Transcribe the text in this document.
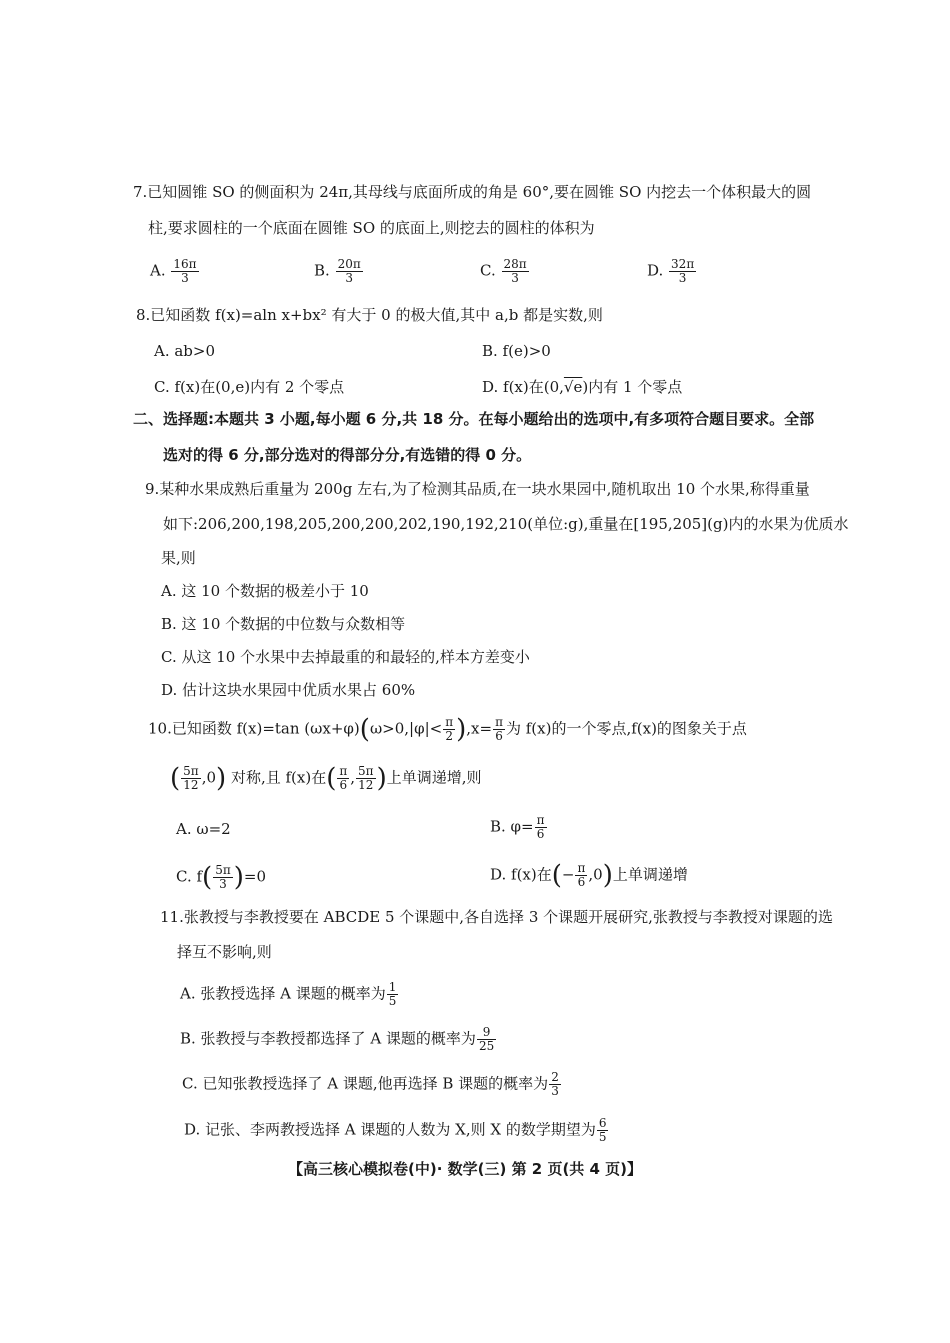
7.已知圆锥 SO 的侧面积为 24π,其母线与底面所成的角是 60°,要在圆锥 SO 内挖去一个体积最大的圆
柱,要求圆柱的一个底面在圆锥 SO 的底面上,则挖去的圆柱的体积为
A. $\frac{16\pi}{3}$	B. $\frac{20\pi}{3}$	C. $\frac{28\pi}{3}$	D. $\frac{32\pi}{3}$
8.已知函数 f(x)=aln x+bx² 有大于 0 的极大值,其中 a,b 都是实数,则
A. ab>0	B. f(e)>0
C. f(x)在(0,e)内有 2 个零点	D. f(x)在(0,√e)内有 1 个零点
二、选择题:本题共 3 小题,每小题 6 分,共 18 分。在每小题给出的选项中,有多项符合题目要求。全部
选对的得 6 分,部分选对的得部分分,有选错的得 0 分。
9.某种水果成熟后重量为 200g 左右,为了检测其品质,在一块水果园中,随机取出 10 个水果,称得重量
如下:206,200,198,205,200,200,202,190,192,210(单位:g),重量在[195,205](g)内的水果为优质水
果,则
A. 这 10 个数据的极差小于 10
B. 这 10 个数据的中位数与众数相等
C. 从这 10 个水果中去掉最重的和最轻的,样本方差变小
D. 估计这块水果园中优质水果占 60%
10.已知函数 f(x)=tan $(\omega x+\varphi)(\omega>0,|\varphi|< \frac{\pi}{2} ),x= \frac{\pi}{6}$ 为 f(x)的一个零点,f(x)的图象关于点
( $\frac{5\pi}{12} ,0$) 对称,且 f(x)在( $\frac{\pi}{6}$ , $\frac{5\pi}{12}$ )上单调递增,则
A. ω=2	B. $\varphi= \frac{\pi}{6}$
C. $f( \frac{5\pi}{3} )=0$	D. f(x)在(− $\frac{\pi}{6} ,0$)上单调递增
11.张教授与李教授要在 ABCDE 5 个课题中,各自选择 3 个课题开展研究,张教授与李教授对课题的选
择互不影响,则
A. 张教授选择 A 课题的概率为 $\frac{1}{5}$
B. 张教授与李教授都选择了 A 课题的概率为 $\frac{9}{25}$
C. 已知张教授选择了 A 课题,他再选择 B 课题的概率为 $\frac{2}{3}$
D. 记张、李两教授选择 A 课题的人数为 X,则 X 的数学期望为 $\frac{6}{5}$
【高三核心模拟卷(中)· 数学(三) 第 2 页(共 4 页)】
